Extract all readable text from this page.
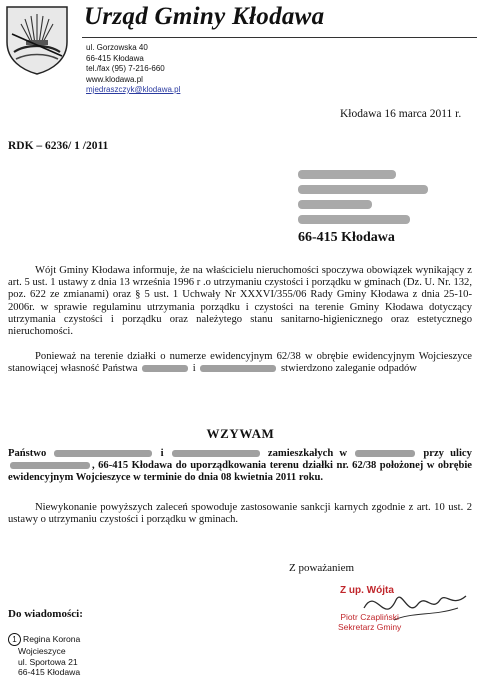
Urząd Gminy Kłodawa
ul. Gorzowska 40
66-415 Kłodawa
tel./fax (95) 7-216-660
www.klodawa.pl
mjedraszczyk@klodawa.pl
Kłodawa 16 marca 2011 r.
RDK – 6236/ 1 /2011
66-415 Kłodawa
Wójt Gminy Kłodawa informuje, że na właścicielu nieruchomości spoczywa obowiązek wynikający z art. 5 ust. 1 ustawy z dnia 13 września 1996 r .o utrzymaniu czystości i porządku w gminach (Dz. U. Nr. 132, poz. 622 ze zmianami) oraz § 5 ust. 1 Uchwały Nr XXXVI/355/06 Rady Gminy Kłodawa z dnia 25-10-2006r. w sprawie regulaminu utrzymania porządku i czystości na terenie Gminy Kłodawa dotyczący utrzymania czystości i porządku oraz należytego stanu sanitarno-higienicznego oraz estetycznego nieruchomości.
Ponieważ na terenie działki o numerze ewidencyjnym 62/38 w obrębie ewidencyjnym Wojcieszyce stanowiącej własność Państwa	i	stwierdzono zaleganie odpadów
WZYWAM
Państwo	i	zamieszkałych w	przy ulicy , 66-415 Kłodawa do uporządkowania terenu działki nr. 62/38 położonej w obrębie ewidencyjnym Wojcieszyce w terminie do dnia 08 kwietnia 2011 roku.
Niewykonanie powyższych zaleceń spowoduje zastosowanie sankcji karnych zgodnie z art. 10 ust. 2 ustawy o utrzymaniu czystości i porządku w gminach.
Z poważaniem
Z up. Wójta
Piotr Czapliński
Sekretarz Gminy
Do wiadomości:
1 Regina Korona
Wojcieszyce
ul. Sportowa 21
66-415 Kłodawa
